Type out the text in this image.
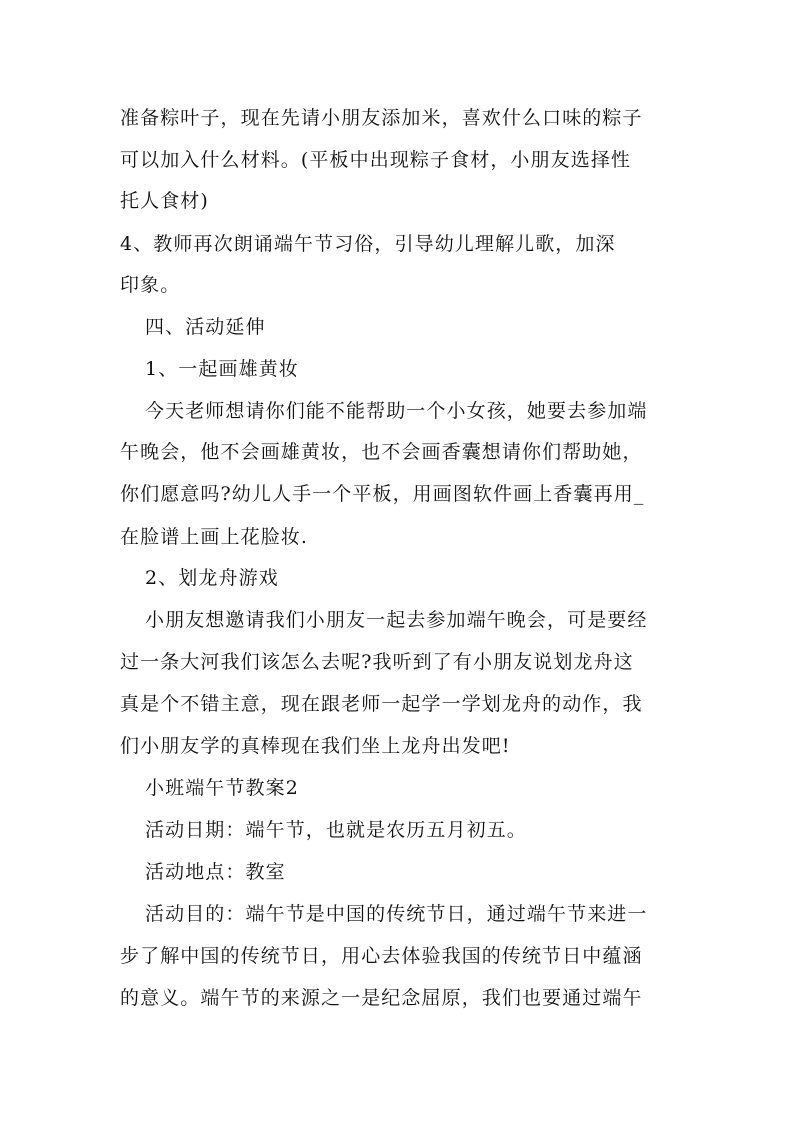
准备粽叶子，现在先请小朋友添加米，喜欢什么口味的粽子
可以加入什么材料。(平板中出现粽子食材，小朋友选择性
托人食材)
4、教师再次朗诵端午节习俗，引导幼儿理解儿歌，加深
印象。
四、活动延伸
1、一起画雄黄妆
今天老师想请你们能不能帮助一个小女孩，她要去参加端
午晚会，他不会画雄黄妆，也不会画香囊想请你们帮助她，
你们愿意吗?幼儿人手一个平板，用画图软件画上香囊再用_
在脸谱上画上花脸妆.
2、划龙舟游戏
小朋友想邀请我们小朋友一起去参加端午晚会，可是要经
过一条大河我们该怎么去呢?我听到了有小朋友说划龙舟这
真是个不错主意，现在跟老师一起学一学划龙舟的动作，我
们小朋友学的真棒现在我们坐上龙舟出发吧!
小班端午节教案2
活动日期：端午节，也就是农历五月初五。
活动地点：教室
活动目的：端午节是中国的传统节日，通过端午节来进一
步了解中国的传统节日，用心去体验我国的传统节日中蕴涵
的意义。端午节的来源之一是纪念屈原，我们也要通过端午
